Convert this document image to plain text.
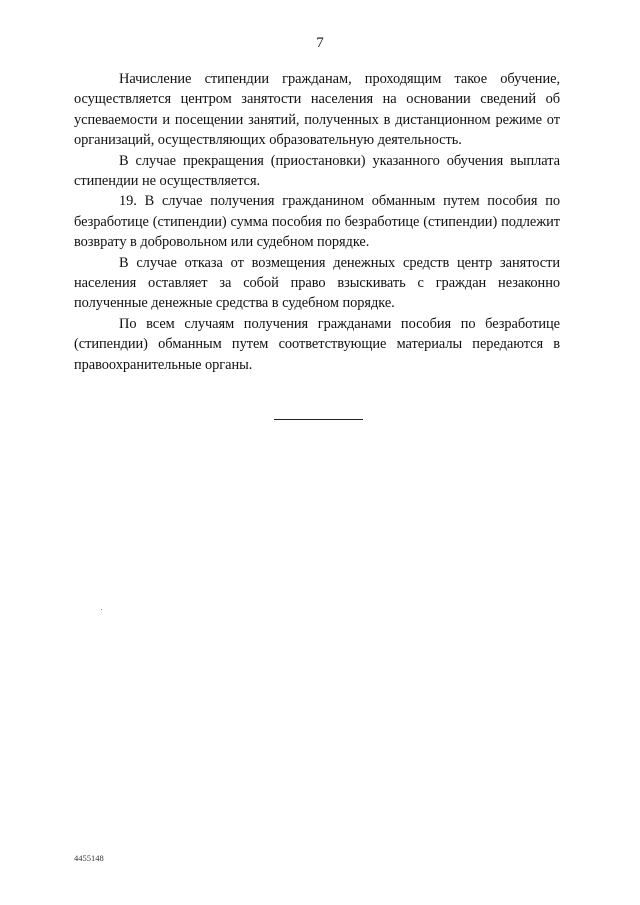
7

Начисление стипендии гражданам, проходящим такое обучение, осуществляется центром занятости населения на основании сведений об успеваемости и посещении занятий, полученных в дистанционном режиме от организаций, осуществляющих образовательную деятельность.

В случае прекращения (приостановки) указанного обучения выплата стипендии не осуществляется.

19. В случае получения гражданином обманным путем пособия по безработице (стипендии) сумма пособия по безработице (стипендии) подлежит возврату в добровольном или судебном порядке.

В случае отказа от возмещения денежных средств центр занятости населения оставляет за собой право взыскивать с граждан незаконно полученные денежные средства в судебном порядке.

По всем случаям получения гражданами пособия по безработице (стипендии) обманным путем соответствующие материалы передаются в правоохранительные органы.

4455148
